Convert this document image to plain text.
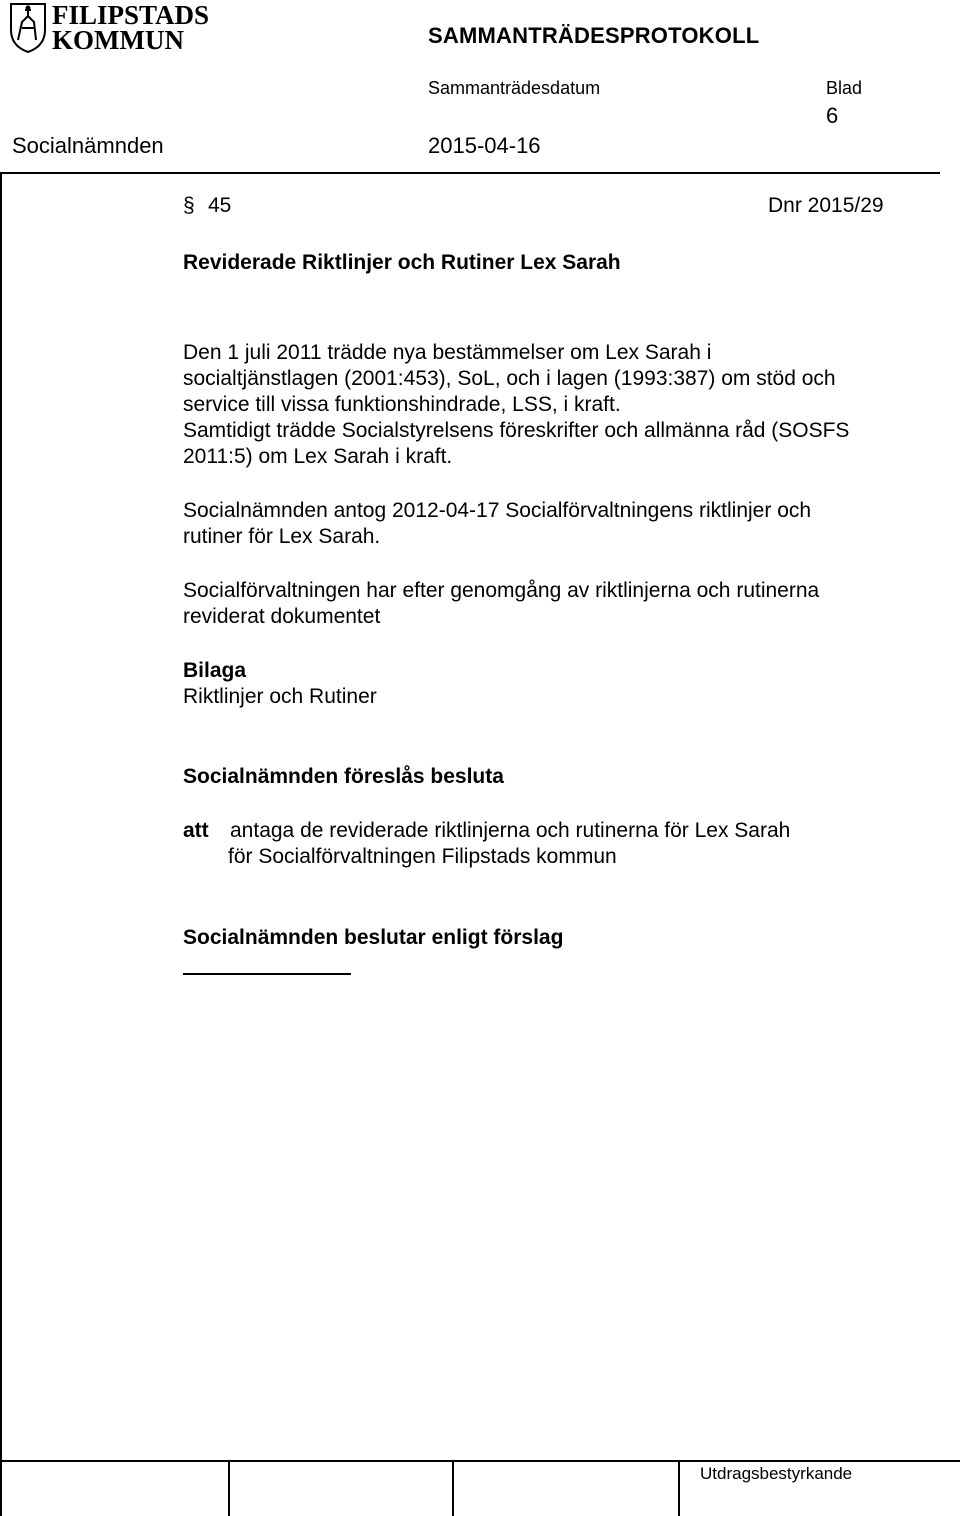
FILIPSTADS
KOMMUN	SAMMANTRÄDESPROTOKOLL
Sammanträdesdatum	Blad
6
Socialnämnden	2015-04-16
§ 45	Dnr 2015/29
Reviderade Riktlinjer och Rutiner Lex Sarah
Den 1 juli 2011 trädde nya bestämmelser om Lex Sarah i
socialtjänstlagen (2001:453), SoL, och i lagen (1993:387) om stöd och
service till vissa funktionshindrade, LSS, i kraft.
Samtidigt trädde Socialstyrelsens föreskrifter och allmänna råd (SOSFS
2011:5) om Lex Sarah i kraft.
Socialnämnden antog 2012-04-17 Socialförvaltningens riktlinjer och
rutiner för Lex Sarah.
Socialförvaltningen har efter genomgång av riktlinjerna och rutinerna
reviderat dokumentet
Bilaga
Riktlinjer och Rutiner
Socialnämnden föreslås besluta
att antaga de reviderade riktlinjerna och rutinerna för Lex Sarah
för Socialförvaltningen Filipstads kommun
Socialnämnden beslutar enligt förslag
Utdragsbestyrkande
